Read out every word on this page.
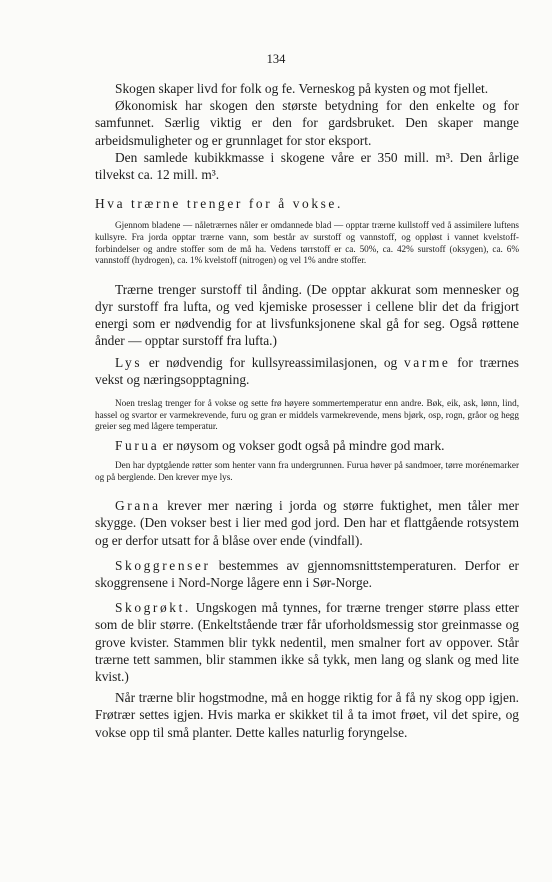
134

Skogen skaper livd for folk og fe. Verneskog på kysten og mot fjellet.

Økonomisk har skogen den største betydning for den enkelte og for samfunnet. Særlig viktig er den for gardsbruket. Den skaper mange arbeidsmuligheter og er grunnlaget for stor eksport.

Den samlede kubikkmasse i skogene våre er 350 mill. m³. Den årlige tilvekst ca. 12 mill. m³.

Hva trærne trenger for å vokse.

Gjennom bladene — nåletrærnes nåler er omdannede blad — opptar trærne kullstoff ved å assimilere luftens kullsyre. Fra jorda opptar trærne vann, som består av surstoff og vannstoff, og oppløst i vannet kvelstoff-forbindelser og andre stoffer som de må ha. Vedens tørrstoff er ca. 50%, ca. 42% surstoff (oksygen), ca. 6% vannstoff (hydrogen), ca. 1% kvelstoff (nitrogen) og vel 1% andre stoffer.

Trærne trenger surstoff til ånding. (De opptar akkurat som mennesker og dyr surstoff fra lufta, og ved kjemiske prosesser i cellene blir det da frigjort energi som er nødvendig for at livsfunksjonene skal gå for seg. Også røttene ånder — opptar surstoff fra lufta.)

Lys er nødvendig for kullsyreassimilasjonen, og varme for trærnes vekst og næringsopptagning.

Noen treslag trenger for å vokse og sette frø høyere sommertemperatur enn andre. Bøk, eik, ask, lønn, lind, hassel og svartor er varmekrevende, furu og gran er middels varmekrevende, mens bjørk, osp, rogn, gråor og hegg greier seg med lågere temperatur.

Furua er nøysom og vokser godt også på mindre god mark.

Den har dyptgående røtter som henter vann fra undergrunnen. Furua høver på sandmoer, tørre morénemarker og på berglende. Den krever mye lys.

Grana krever mer næring i jorda og større fuktighet, men tåler mer skygge. (Den vokser best i lier med god jord. Den har et flattgående rotsystem og er derfor utsatt for å blåse over ende (vindfall).

Skoggrenser bestemmes av gjennomsnittstemperaturen. Derfor er skoggrensene i Nord-Norge lågere enn i Sør-Norge.

Skogrøkt. Ungskogen må tynnes, for trærne trenger større plass etter som de blir større. (Enkeltstående trær får uforholdsmessig stor greinmasse og grove kvister. Stammen blir tykk nedentil, men smalner fort av oppover. Står trærne tett sammen, blir stammen ikke så tykk, men lang og slank og med lite kvist.)

Når trærne blir hogstmodne, må en hogge riktig for å få ny skog opp igjen. Frøtrær settes igjen. Hvis marka er skikket til å ta imot frøet, vil det spire, og vokse opp til små planter. Dette kalles naturlig foryngelse.
